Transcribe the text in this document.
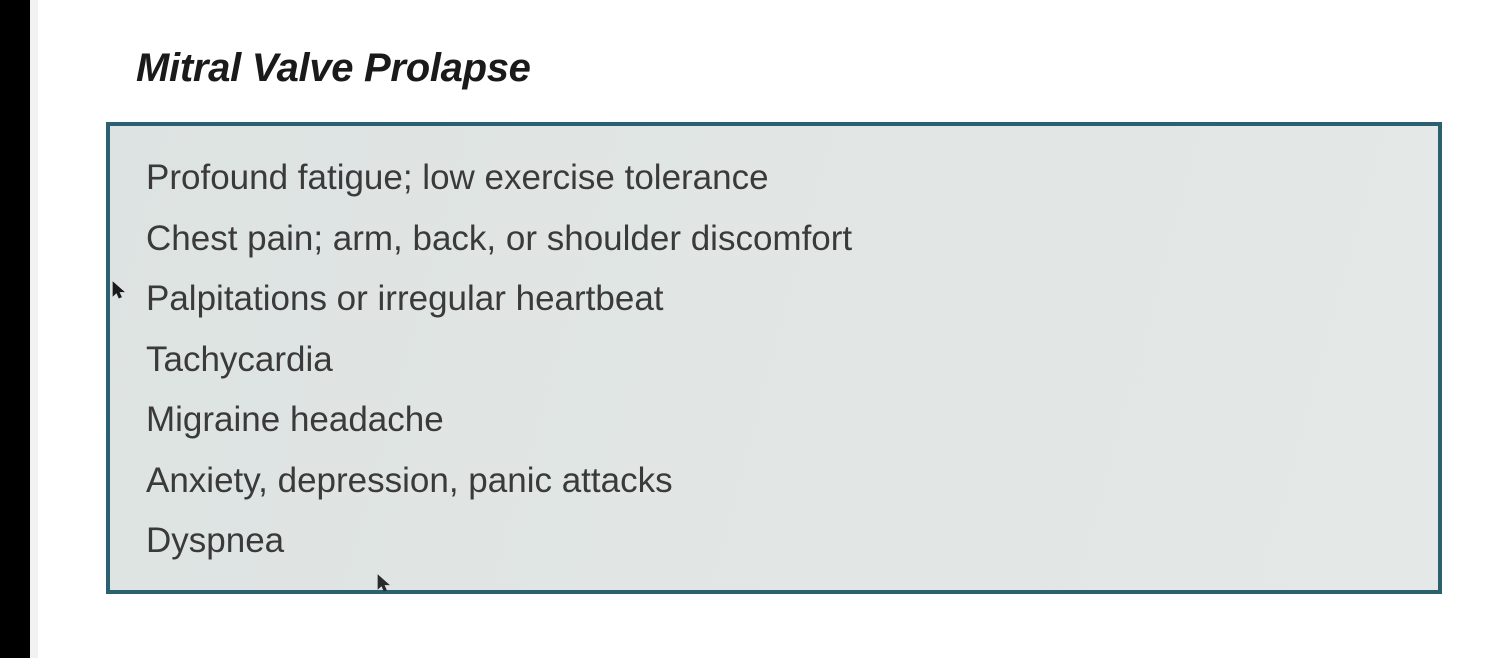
Mitral Valve Prolapse
Profound fatigue; low exercise tolerance
Chest pain; arm, back, or shoulder discomfort
Palpitations or irregular heartbeat
Tachycardia
Migraine headache
Anxiety, depression, panic attacks
Dyspnea
